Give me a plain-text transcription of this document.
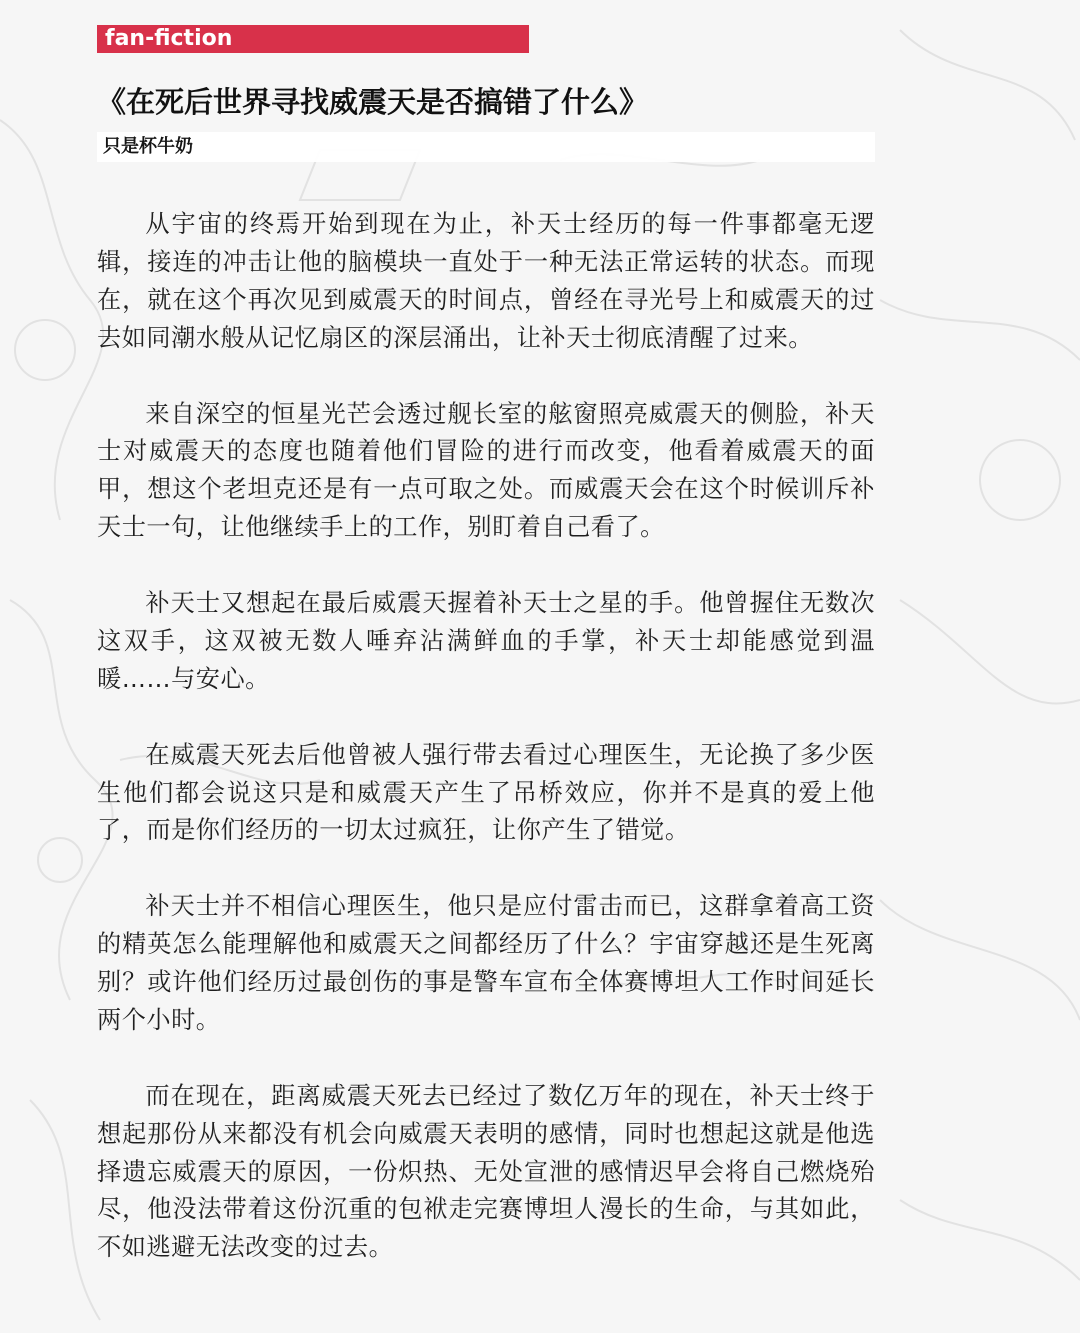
fan-fiction
《在死后世界寻找威震天是否搞错了什么》
只是杯牛奶

从宇宙的终焉开始到现在为止，补天士经历的每一件事都毫无逻辑，接连的冲击让他的脑模块一直处于一种无法正常运转的状态。而现在，就在这个再次见到威震天的时间点，曾经在寻光号上和威震天的过去如同潮水般从记忆扇区的深层涌出，让补天士彻底清醒了过来。

来自深空的恒星光芒会透过舰长室的舷窗照亮威震天的侧脸，补天士对威震天的态度也随着他们冒险的进行而改变，他看着威震天的面甲，想这个老坦克还是有一点可取之处。而威震天会在这个时候训斥补天士一句，让他继续手上的工作，别盯着自己看了。

补天士又想起在最后威震天握着补天士之星的手。他曾握住无数次这双手，这双被无数人唾弃沾满鲜血的手掌，补天士却能感觉到温暖……与安心。

在威震天死去后他曾被人强行带去看过心理医生，无论换了多少医生他们都会说这只是和威震天产生了吊桥效应，你并不是真的爱上他了，而是你们经历的一切太过疯狂，让你产生了错觉。

补天士并不相信心理医生，他只是应付雷击而已，这群拿着高工资的精英怎么能理解他和威震天之间都经历了什么？宇宙穿越还是生死离别？或许他们经历过最创伤的事是警车宣布全体赛博坦人工作时间延长两个小时。

而在现在，距离威震天死去已经过了数亿万年的现在，补天士终于想起那份从来都没有机会向威震天表明的感情，同时也想起这就是他选择遗忘威震天的原因，一份炽热、无处宣泄的感情迟早会将自己燃烧殆尽，他没法带着这份沉重的包袱走完赛博坦人漫长的生命，与其如此，不如逃避无法改变的过去。
